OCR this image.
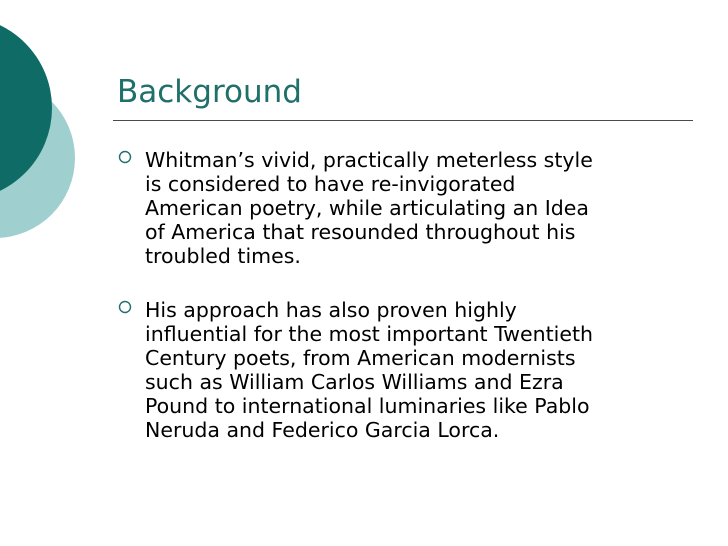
Background
Whitman’s vivid, practically meterless style
is considered to have re-invigorated
American poetry, while articulating an Idea
of America that resounded throughout his
troubled times.
His approach has also proven highly
influential for the most important Twentieth
Century poets, from American modernists
such as William Carlos Williams and Ezra
Pound to international luminaries like Pablo
Neruda and Federico Garcia Lorca.
